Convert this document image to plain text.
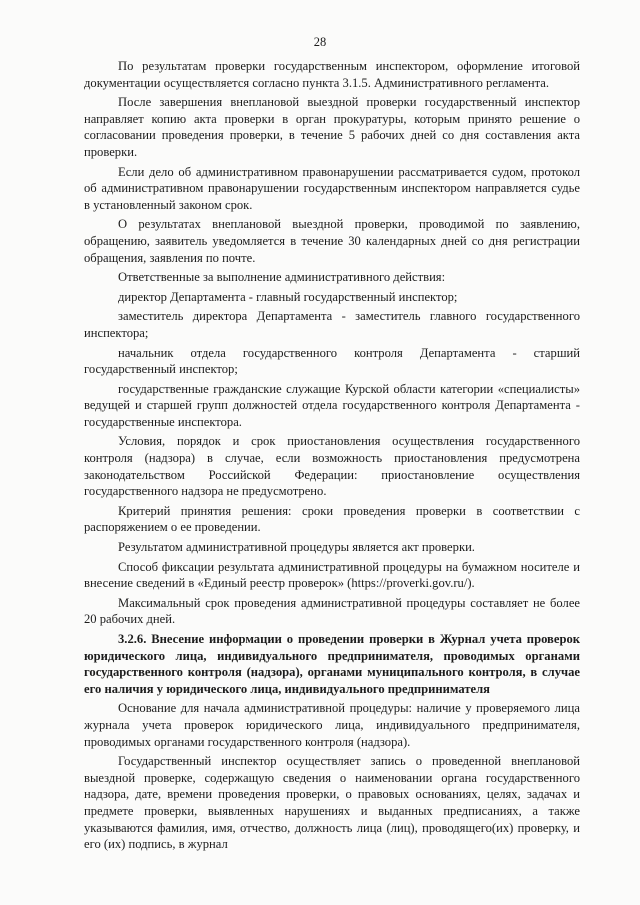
28

По результатам проверки государственным инспектором, оформление итоговой документации осуществляется согласно пункта 3.1.5. Административного регламента.

После завершения внеплановой выездной проверки государственный инспектор направляет копию акта проверки в орган прокуратуры, которым принято решение о согласовании проведения проверки, в течение 5 рабочих дней со дня составления акта проверки.

Если дело об административном правонарушении рассматривается судом, протокол об административном правонарушении государственным инспектором направляется судье в установленный законом срок.

О результатах внеплановой выездной проверки, проводимой по заявлению, обращению, заявитель уведомляется в течение 30 календарных дней со дня регистрации обращения, заявления по почте.

Ответственные за выполнение административного действия:

директор Департамента - главный государственный инспектор;

заместитель директора Департамента - заместитель главного государственного инспектора;

начальник отдела государственного контроля Департамента - старший государственный инспектор;

государственные гражданские служащие Курской области категории «специалисты» ведущей и старшей групп должностей отдела государственного контроля Департамента - государственные инспектора.

Условия, порядок и срок приостановления осуществления государственного контроля (надзора) в случае, если возможность приостановления предусмотрена законодательством Российской Федерации: приостановление осуществления государственного надзора не предусмотрено.

Критерий принятия решения: сроки проведения проверки в соответствии с распоряжением о ее проведении.

Результатом административной процедуры является акт проверки.

Способ фиксации результата административной процедуры на бумажном носителе и внесение сведений в «Единый реестр проверок» (https://proverki.gov.ru/).

Максимальный срок проведения административной процедуры составляет не более 20 рабочих дней.

3.2.6. Внесение информации о проведении проверки в Журнал учета проверок юридического лица, индивидуального предпринимателя, проводимых органами государственного контроля (надзора), органами муниципального контроля, в случае его наличия у юридического лица, индивидуального предпринимателя

Основание для начала административной процедуры: наличие у проверяемого лица журнала учета проверок юридического лица, индивидуального предпринимателя, проводимых органами государственного контроля (надзора).

Государственный инспектор осуществляет запись о проведенной внеплановой выездной проверке, содержащую сведения о наименовании органа государственного надзора, дате, времени проведения проверки, о правовых основаниях, целях, задачах и предмете проверки, выявленных нарушениях и выданных предписаниях, а также указываются фамилия, имя, отчество, должность лица (лиц), проводящего(их) проверку, и его (их) подпись, в журнал
